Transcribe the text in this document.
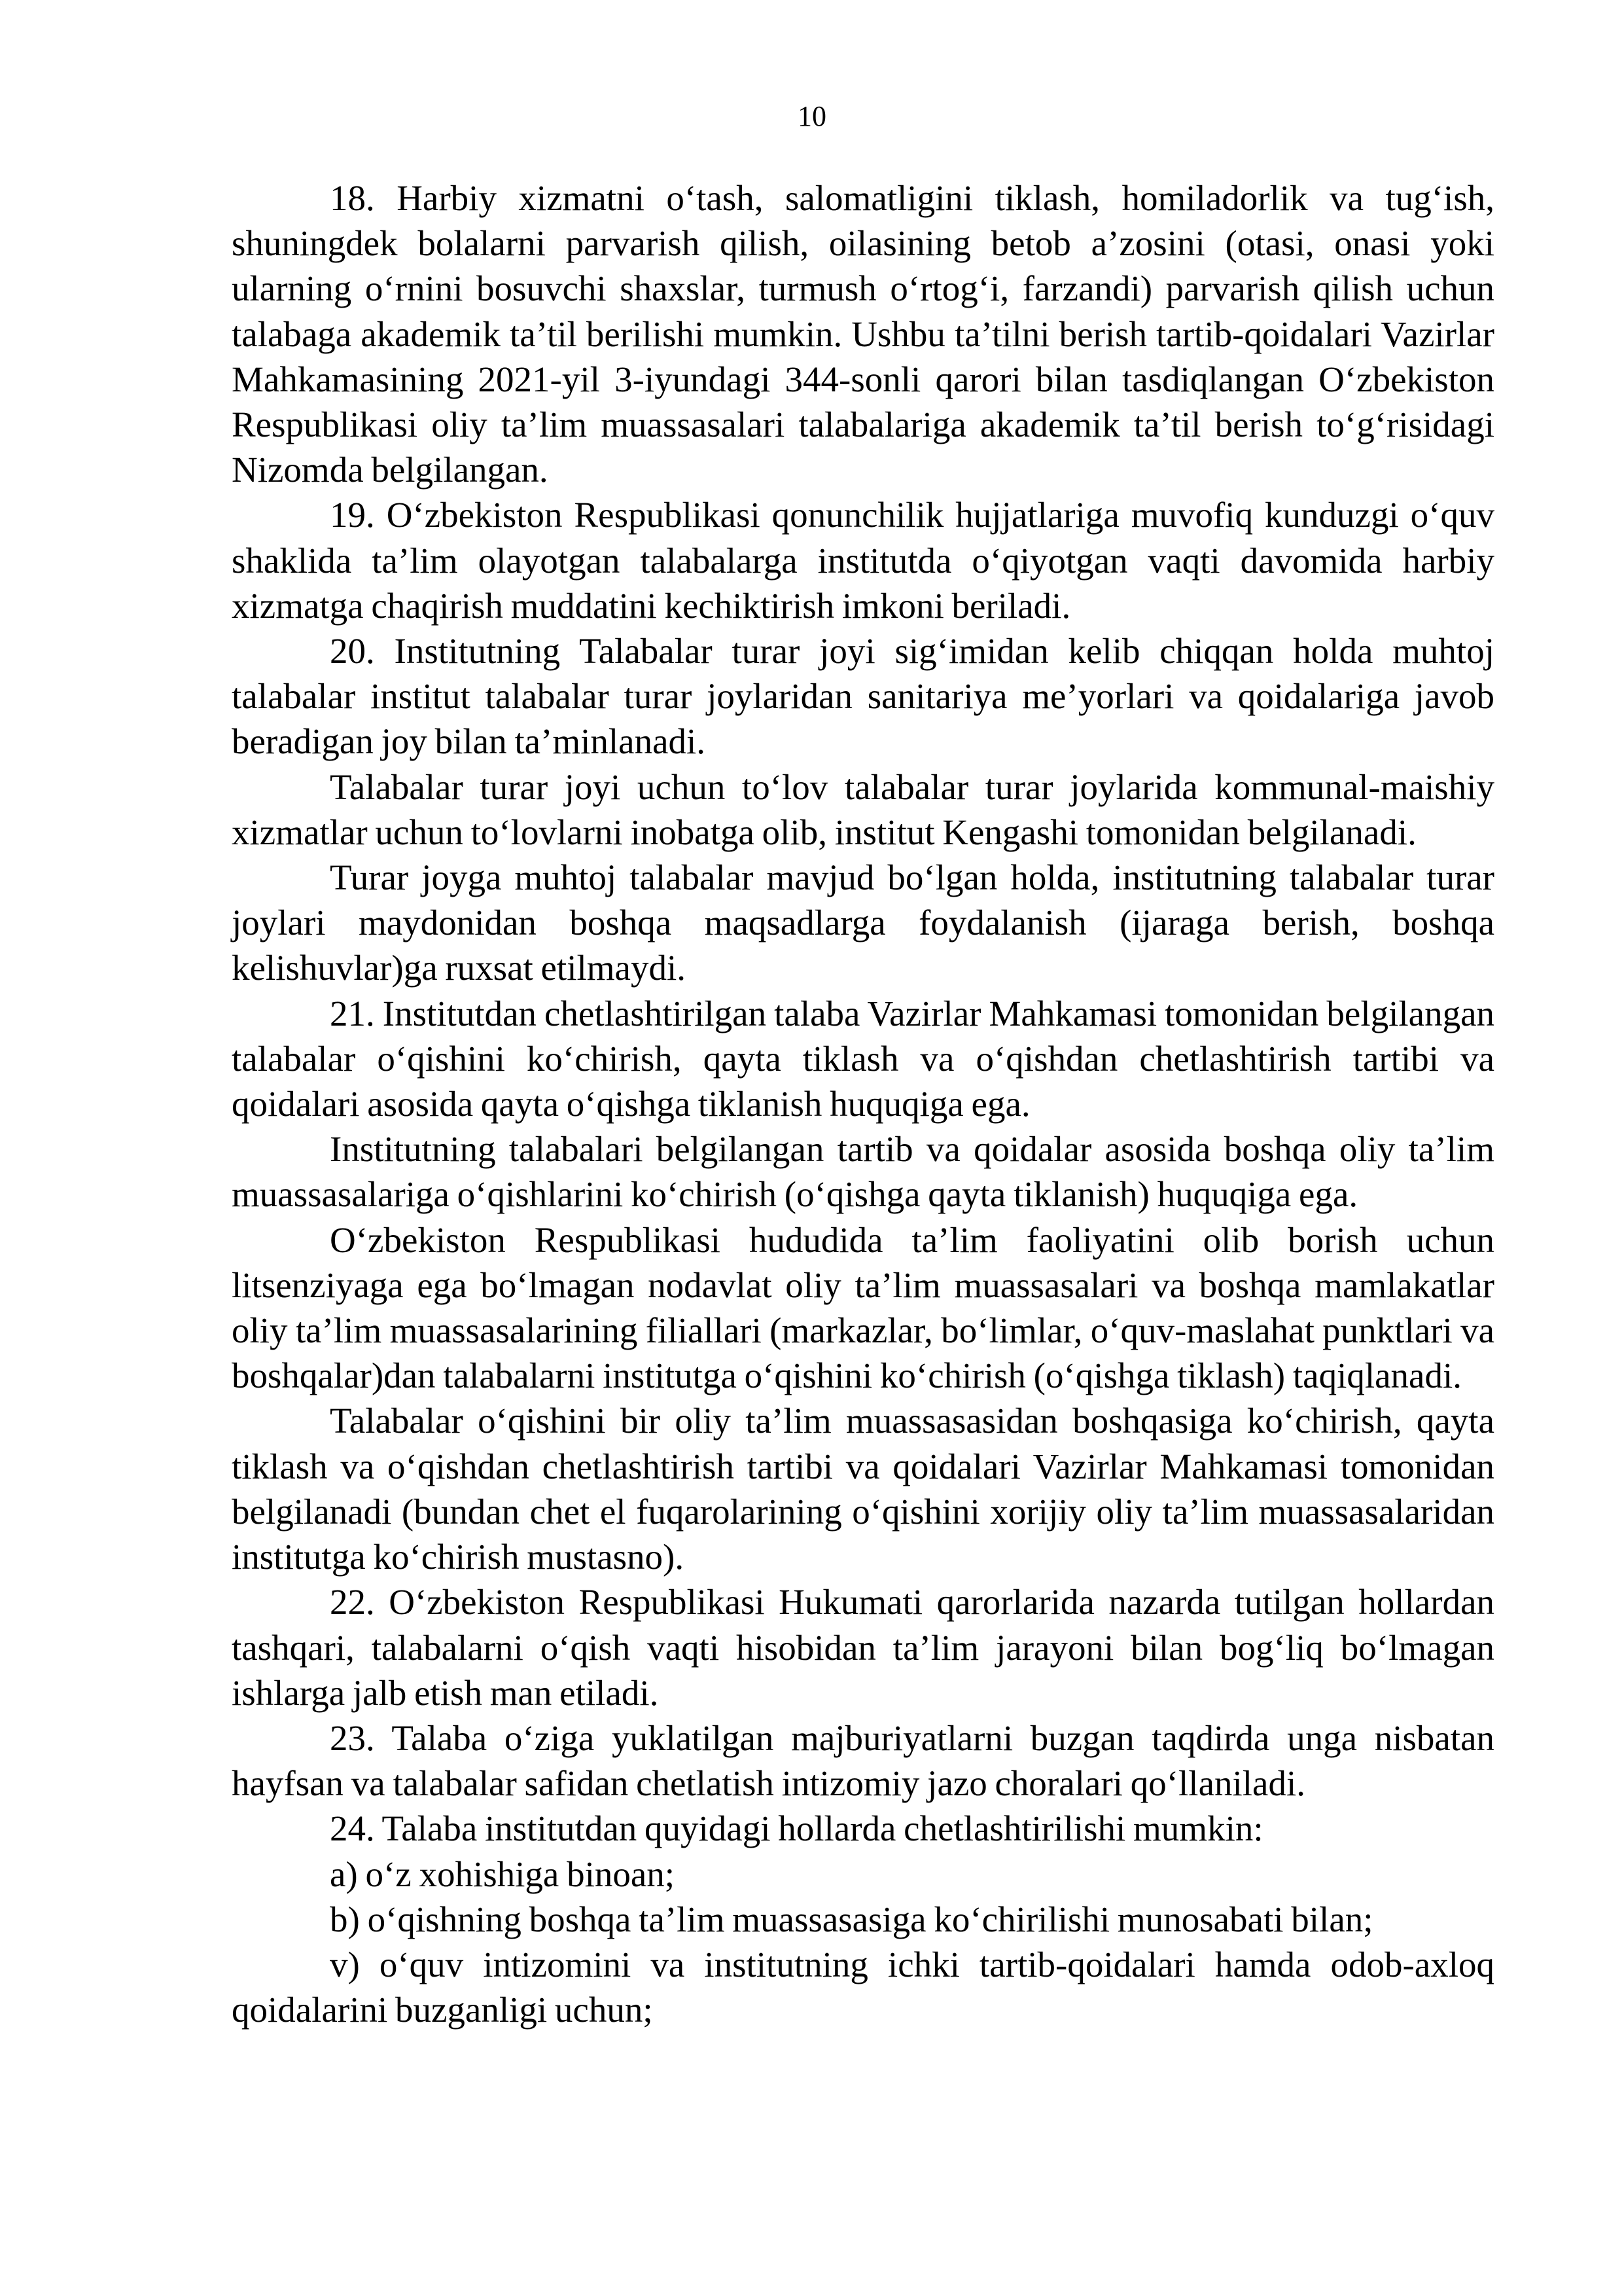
10

18. Harbiy xizmatni o‘tash, salomatligini tiklash, homiladorlik va tug‘ish, shuningdek bolalarni parvarish qilish, oilasining betob a’zosini (otasi, onasi yoki ularning o‘rnini bosuvchi shaxslar, turmush o‘rtog‘i, farzandi) parvarish qilish uchun talabaga akademik ta’til berilishi mumkin. Ushbu ta’tilni berish tartib-qoidalari Vazirlar Mahkamasining 2021-yil 3-iyundagi 344-sonli qarori bilan tasdiqlangan O‘zbekiston Respublikasi oliy ta’lim muassasalari talabalariga akademik ta’til berish to‘g‘risidagi Nizomda belgilangan.

19. O‘zbekiston Respublikasi qonunchilik hujjatlariga muvofiq kunduzgi o‘quv shaklida ta’lim olayotgan talabalarga institutda o‘qiyotgan vaqti davomida harbiy xizmatga chaqirish muddatini kechiktirish imkoni beriladi.

20. Institutning Talabalar turar joyi sig‘imidan kelib chiqqan holda muhtoj talabalar institut talabalar turar joylaridan sanitariya me’yorlari va qoidalariga javob beradigan joy bilan ta’minlanadi.

Talabalar turar joyi uchun to‘lov talabalar turar joylarida kommunal-maishiy xizmatlar uchun to‘lovlarni inobatga olib, institut Kengashi tomonidan belgilanadi.

Turar joyga muhtoj talabalar mavjud bo‘lgan holda, institutning talabalar turar joylari maydonidan boshqa maqsadlarga foydalanish (ijaraga berish, boshqa kelishuvlar)ga ruxsat etilmaydi.

21. Institutdan chetlashtirilgan talaba Vazirlar Mahkamasi tomonidan belgilangan talabalar o‘qishini ko‘chirish, qayta tiklash va o‘qishdan chetlashtirish tartibi va qoidalari asosida qayta o‘qishga tiklanish huquqiga ega.

Institutning talabalari belgilangan tartib va qoidalar asosida boshqa oliy ta’lim muassasalariga o‘qishlarini ko‘chirish (o‘qishga qayta tiklanish) huquqiga ega.

O‘zbekiston Respublikasi hududida ta’lim faoliyatini olib borish uchun litsenziyaga ega bo‘lmagan nodavlat oliy ta’lim muassasalari va boshqa mamlakatlar oliy ta’lim muassasalarining filiallari (markazlar, bo‘limlar, o‘quv-maslahat punktlari va boshqalar)dan talabalarni institutga o‘qishini ko‘chirish (o‘qishga tiklash) taqiqlanadi.

Talabalar o‘qishini bir oliy ta’lim muassasasidan boshqasiga ko‘chirish, qayta tiklash va o‘qishdan chetlashtirish tartibi va qoidalari Vazirlar Mahkamasi tomonidan belgilanadi (bundan chet el fuqarolarining o‘qishini xorijiy oliy ta’lim muassasalaridan institutga ko‘chirish mustasno).

22. O‘zbekiston Respublikasi Hukumati qarorlarida nazarda tutilgan hollardan tashqari, talabalarni o‘qish vaqti hisobidan ta’lim jarayoni bilan bog‘liq bo‘lmagan ishlarga jalb etish man etiladi.

23. Talaba o‘ziga yuklatilgan majburiyatlarni buzgan taqdirda unga nisbatan hayfsan va talabalar safidan chetlatish intizomiy jazo choralari qo‘llaniladi.

24. Talaba institutdan quyidagi hollarda chetlashtirilishi mumkin:

a) o‘z xohishiga binoan;

b) o‘qishning boshqa ta’lim muassasasiga ko‘chirilishi munosabati bilan;

v) o‘quv intizomini va institutning ichki tartib-qoidalari hamda odob-axloq qoidalarini buzganligi uchun;
